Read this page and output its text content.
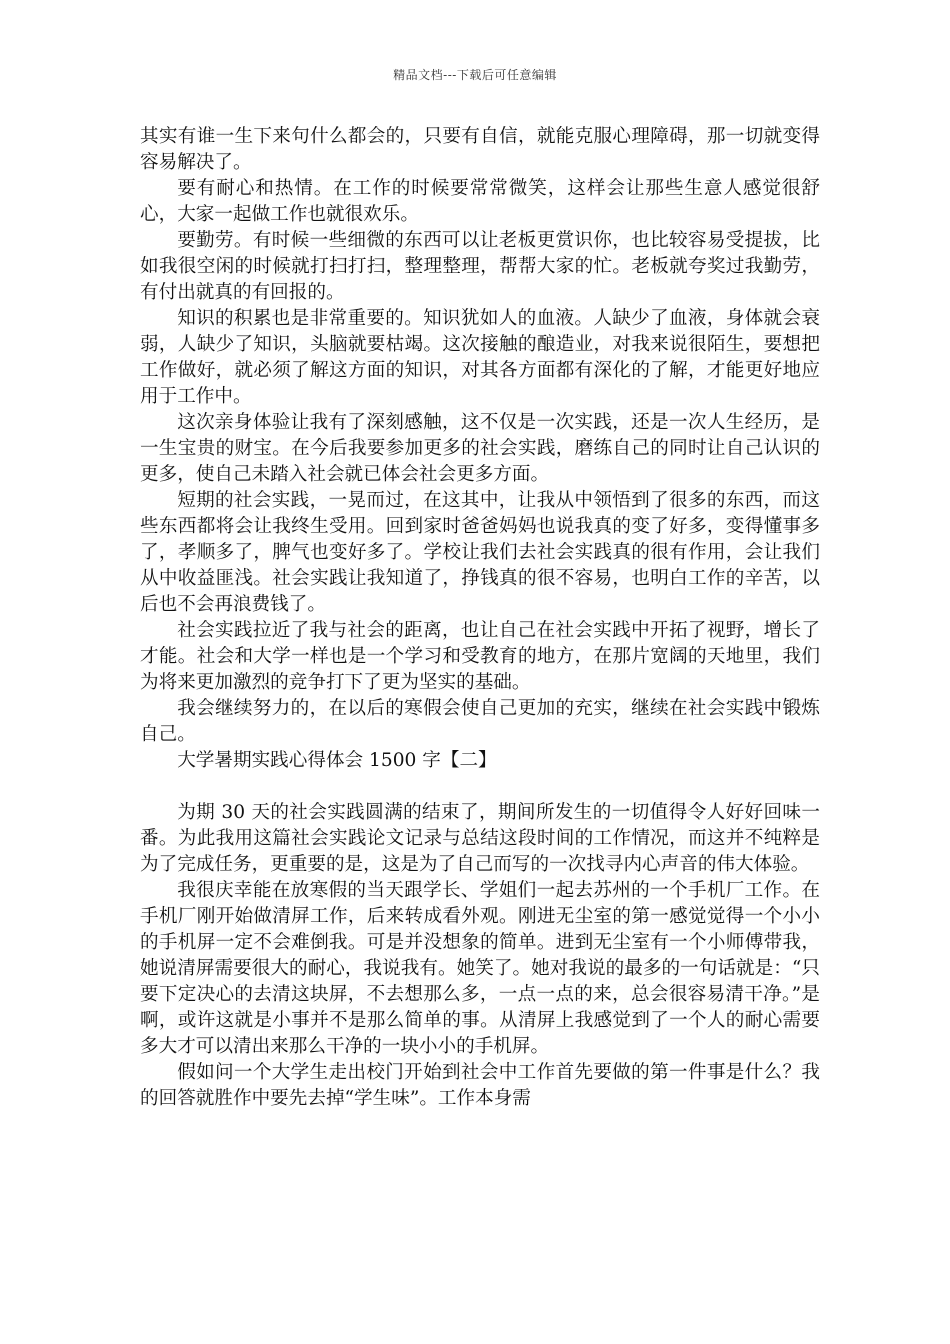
精品文档---下载后可任意编辑

其实有谁一生下来句什么都会的，只要有自信，就能克服心理障碍，那一切就变得容易解决了。

要有耐心和热情。在工作的时候要常常微笑，这样会让那些生意人感觉很舒心，大家一起做工作也就很欢乐。

要勤劳。有时候一些细微的东西可以让老板更赏识你，也比较容易受提拔，比如我很空闲的时候就打扫打扫，整理整理，帮帮大家的忙。老板就夸奖过我勤劳，有付出就真的有回报的。

知识的积累也是非常重要的。知识犹如人的血液。人缺少了血液，身体就会衰弱，人缺少了知识，头脑就要枯竭。这次接触的酿造业，对我来说很陌生，要想把工作做好，就必须了解这方面的知识，对其各方面都有深化的了解，才能更好地应用于工作中。

这次亲身体验让我有了深刻感触，这不仅是一次实践，还是一次人生经历，是一生宝贵的财宝。在今后我要参加更多的社会实践，磨练自己的同时让自己认识的更多，使自己未踏入社会就已体会社会更多方面。

短期的社会实践，一晃而过，在这其中，让我从中领悟到了很多的东西，而这些东西都将会让我终生受用。回到家时爸爸妈妈也说我真的变了好多，变得懂事多了，孝顺多了，脾气也变好多了。学校让我们去社会实践真的很有作用，会让我们从中收益匪浅。社会实践让我知道了，挣钱真的很不容易，也明白工作的辛苦，以后也不会再浪费钱了。

社会实践拉近了我与社会的距离，也让自己在社会实践中开拓了视野，增长了才能。社会和大学一样也是一个学习和受教育的地方，在那片宽阔的天地里，我们为将来更加激烈的竞争打下了更为坚实的基础。

我会继续努力的，在以后的寒假会使自己更加的充实，继续在社会实践中锻炼自己。

大学暑期实践心得体会 1500 字【二】

为期 30 天的社会实践圆满的结束了，期间所发生的一切值得令人好好回味一番。为此我用这篇社会实践论文记录与总结这段时间的工作情况，而这并不纯粹是为了完成任务，更重要的是，这是为了自己而写的一次找寻内心声音的伟大体验。

我很庆幸能在放寒假的当天跟学长、学姐们一起去苏州的一个手机厂工作。在手机厂刚开始做清屏工作，后来转成看外观。刚进无尘室的第一感觉觉得一个小小的手机屏一定不会难倒我。可是并没想象的简单。进到无尘室有一个小师傅带我，她说清屏需要很大的耐心，我说我有。她笑了。她对我说的最多的一句话就是：“只要下定决心的去清这块屏，不去想那么多，一点一点的来，总会很容易清干净。”是啊，或许这就是小事并不是那么简单的事。从清屏上我感觉到了一个人的耐心需要多大才可以清出来那么干净的一块小小的手机屏。

假如问一个大学生走出校门开始到社会中工作首先要做的第一件事是什么？我的回答就胜作中要先去掉“学生味”。工作本身需
